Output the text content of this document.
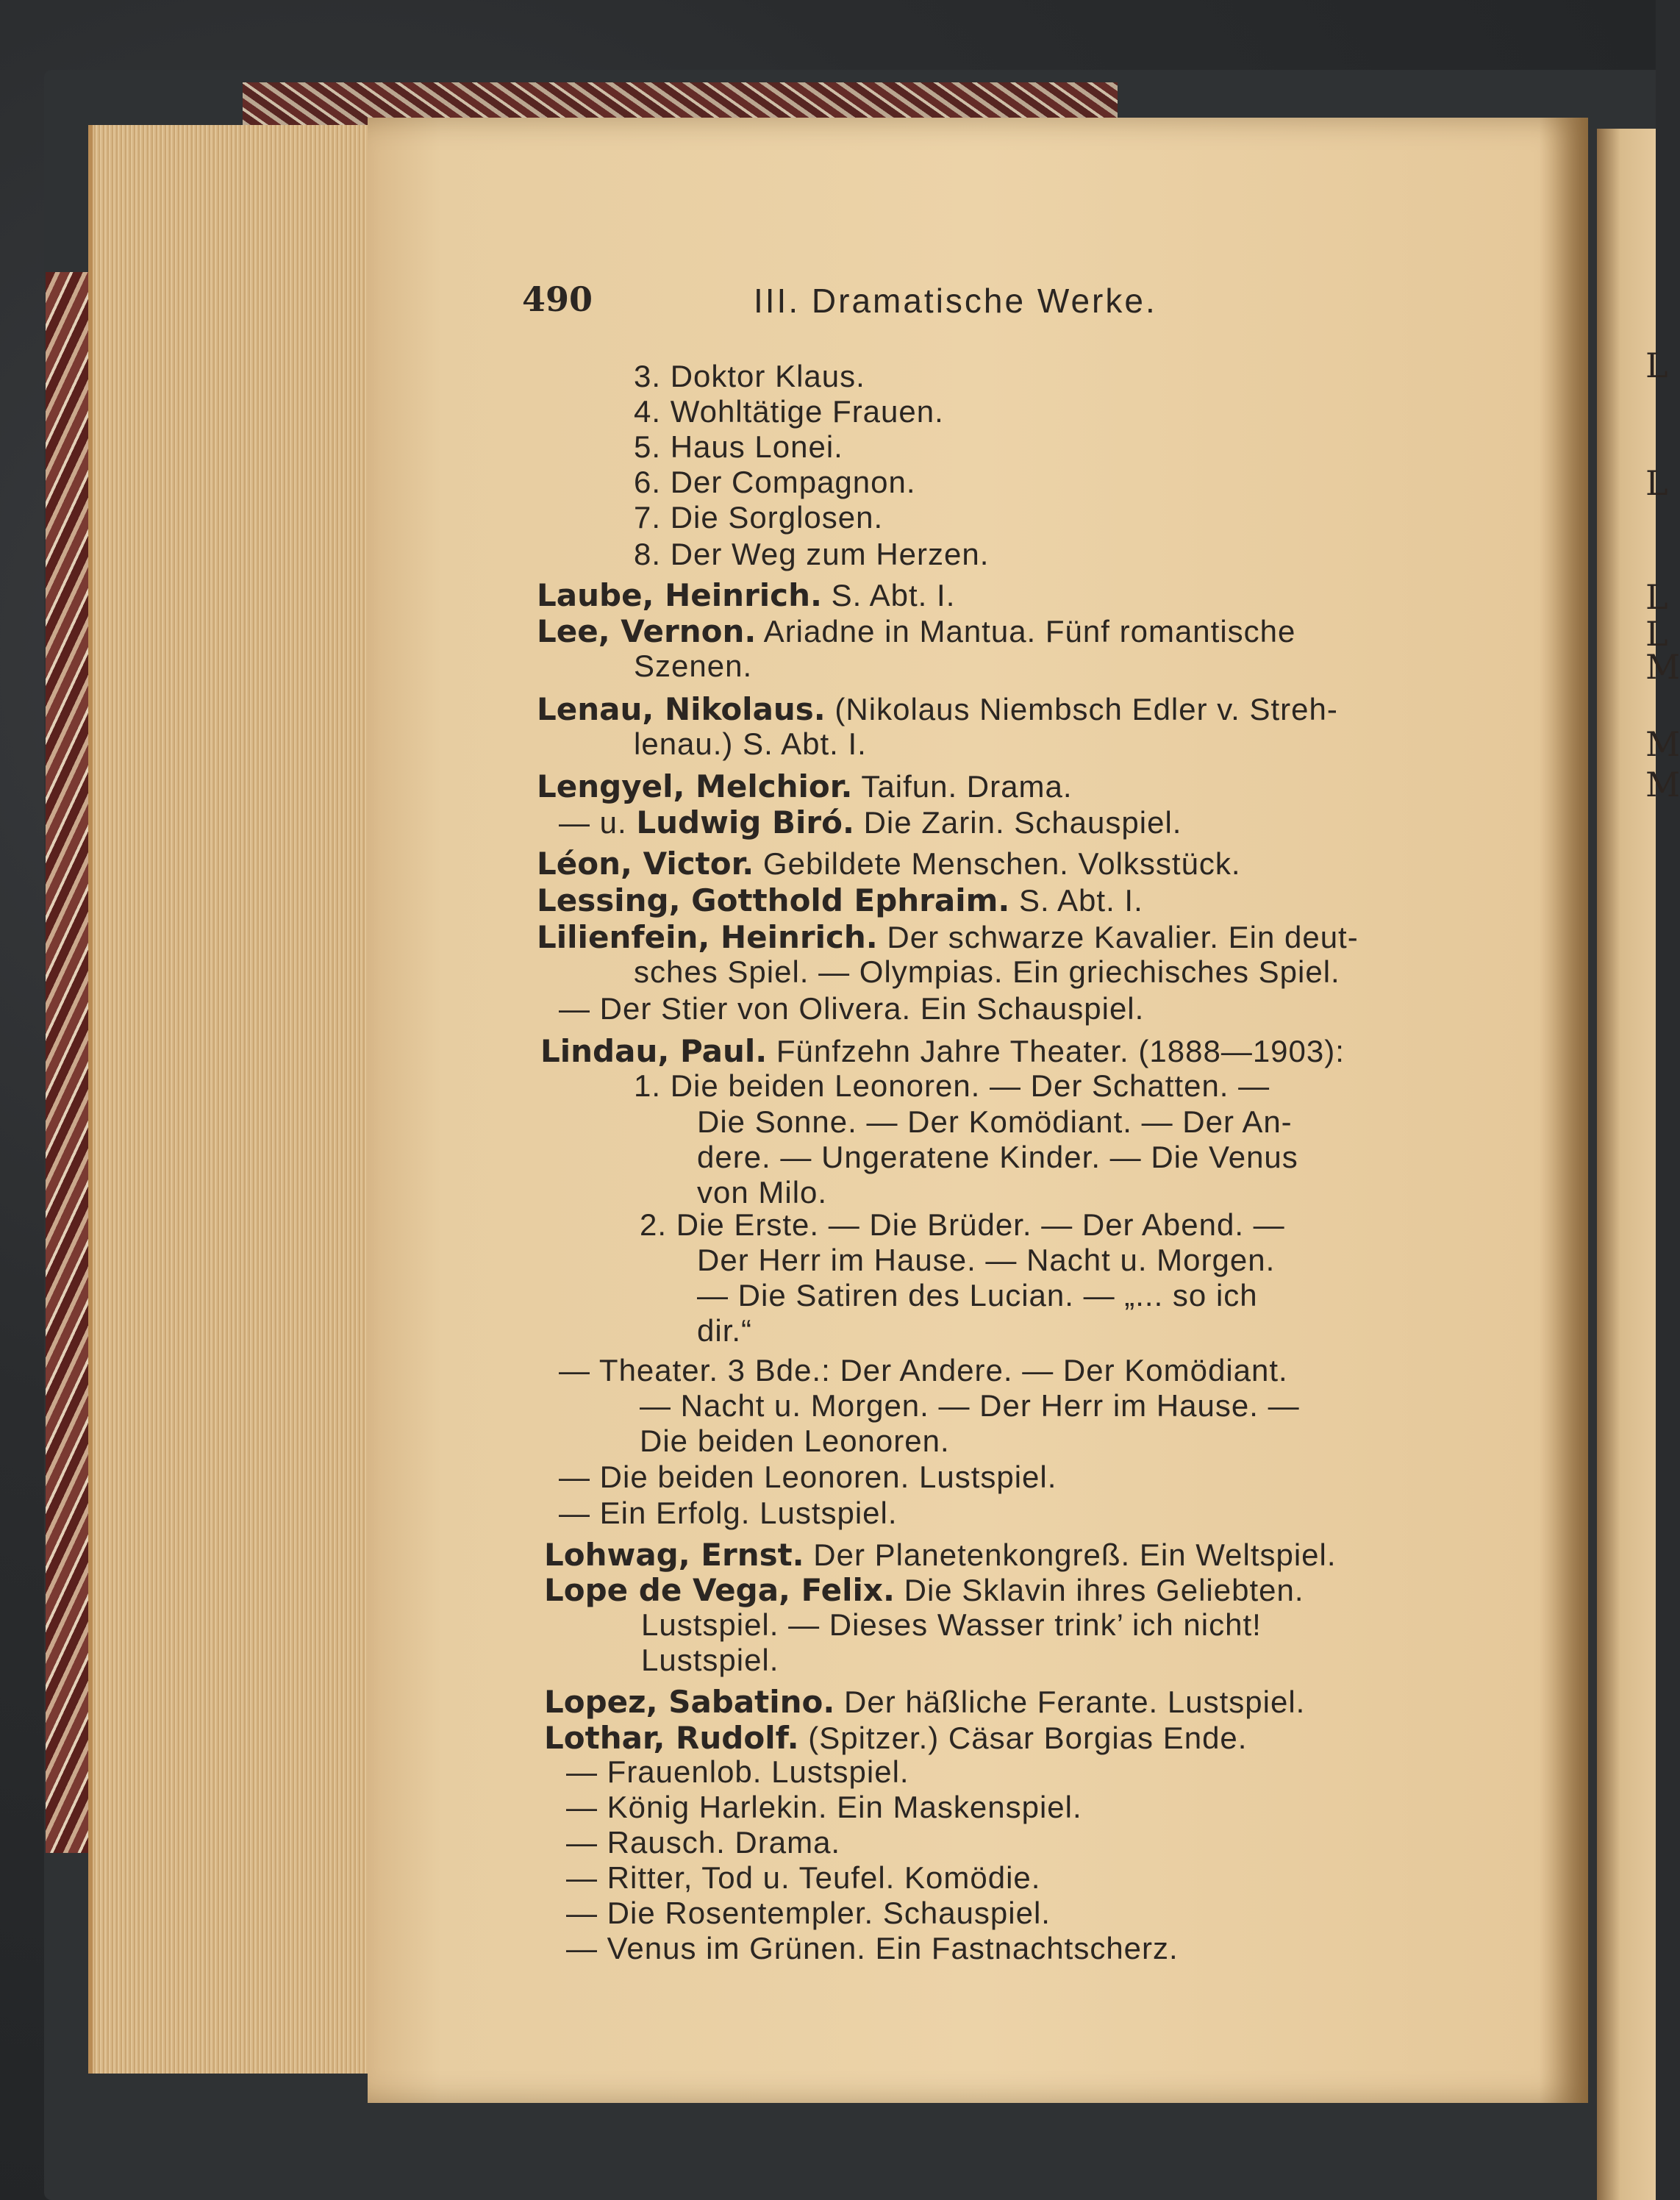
490	III. Dramatische Werke.
3. Doktor Klaus.
4. Wohltätige Frauen.
5. Haus Lonei.
6. Der Compagnon.
7. Die Sorglosen.
8. Der Weg zum Herzen.
Laube, Heinrich. S. Abt. I.
Lee, Vernon. Ariadne in Mantua. Fünf romantische
Szenen.
Lenau, Nikolaus. (Nikolaus Niembsch Edler v. Streh-
lenau.) S. Abt. I.
Lengyel, Melchior. Taifun. Drama.
— u. Ludwig Biró. Die Zarin. Schauspiel.
Léon, Victor. Gebildete Menschen. Volksstück.
Lessing, Gotthold Ephraim. S. Abt. I.
Lilienfein, Heinrich. Der schwarze Kavalier. Ein deut-
sches Spiel. — Olympias. Ein griechisches Spiel.
— Der Stier von Olivera. Ein Schauspiel.
Lindau, Paul. Fünfzehn Jahre Theater. (1888—1903):
1. Die beiden Leonoren. — Der Schatten. —
Die Sonne. — Der Komödiant. — Der An-
dere. — Ungeratene Kinder. — Die Venus
von Milo.
2. Die Erste. — Die Brüder. — Der Abend. —
Der Herr im Hause. — Nacht u. Morgen.
— Die Satiren des Lucian. — „... so ich
dir.“
— Theater. 3 Bde.: Der Andere. — Der Komödiant.
— Nacht u. Morgen. — Der Herr im Hause. —
Die beiden Leonoren.
— Die beiden Leonoren. Lustspiel.
— Ein Erfolg. Lustspiel.
Lohwag, Ernst. Der Planetenkongreß. Ein Weltspiel.
Lope de Vega, Felix. Die Sklavin ihres Geliebten.
Lustspiel. — Dieses Wasser trink’ ich nicht!
Lustspiel.
Lopez, Sabatino. Der häßliche Ferante. Lustspiel.
Lothar, Rudolf. (Spitzer.) Cäsar Borgias Ende.
— Frauenlob. Lustspiel.
— König Harlekin. Ein Maskenspiel.
— Rausch. Drama.
— Ritter, Tod u. Teufel. Komödie.
— Die Rosentempler. Schauspiel.
— Venus im Grünen. Ein Fastnachtscherz.
L
L
L
L
M
M
M
